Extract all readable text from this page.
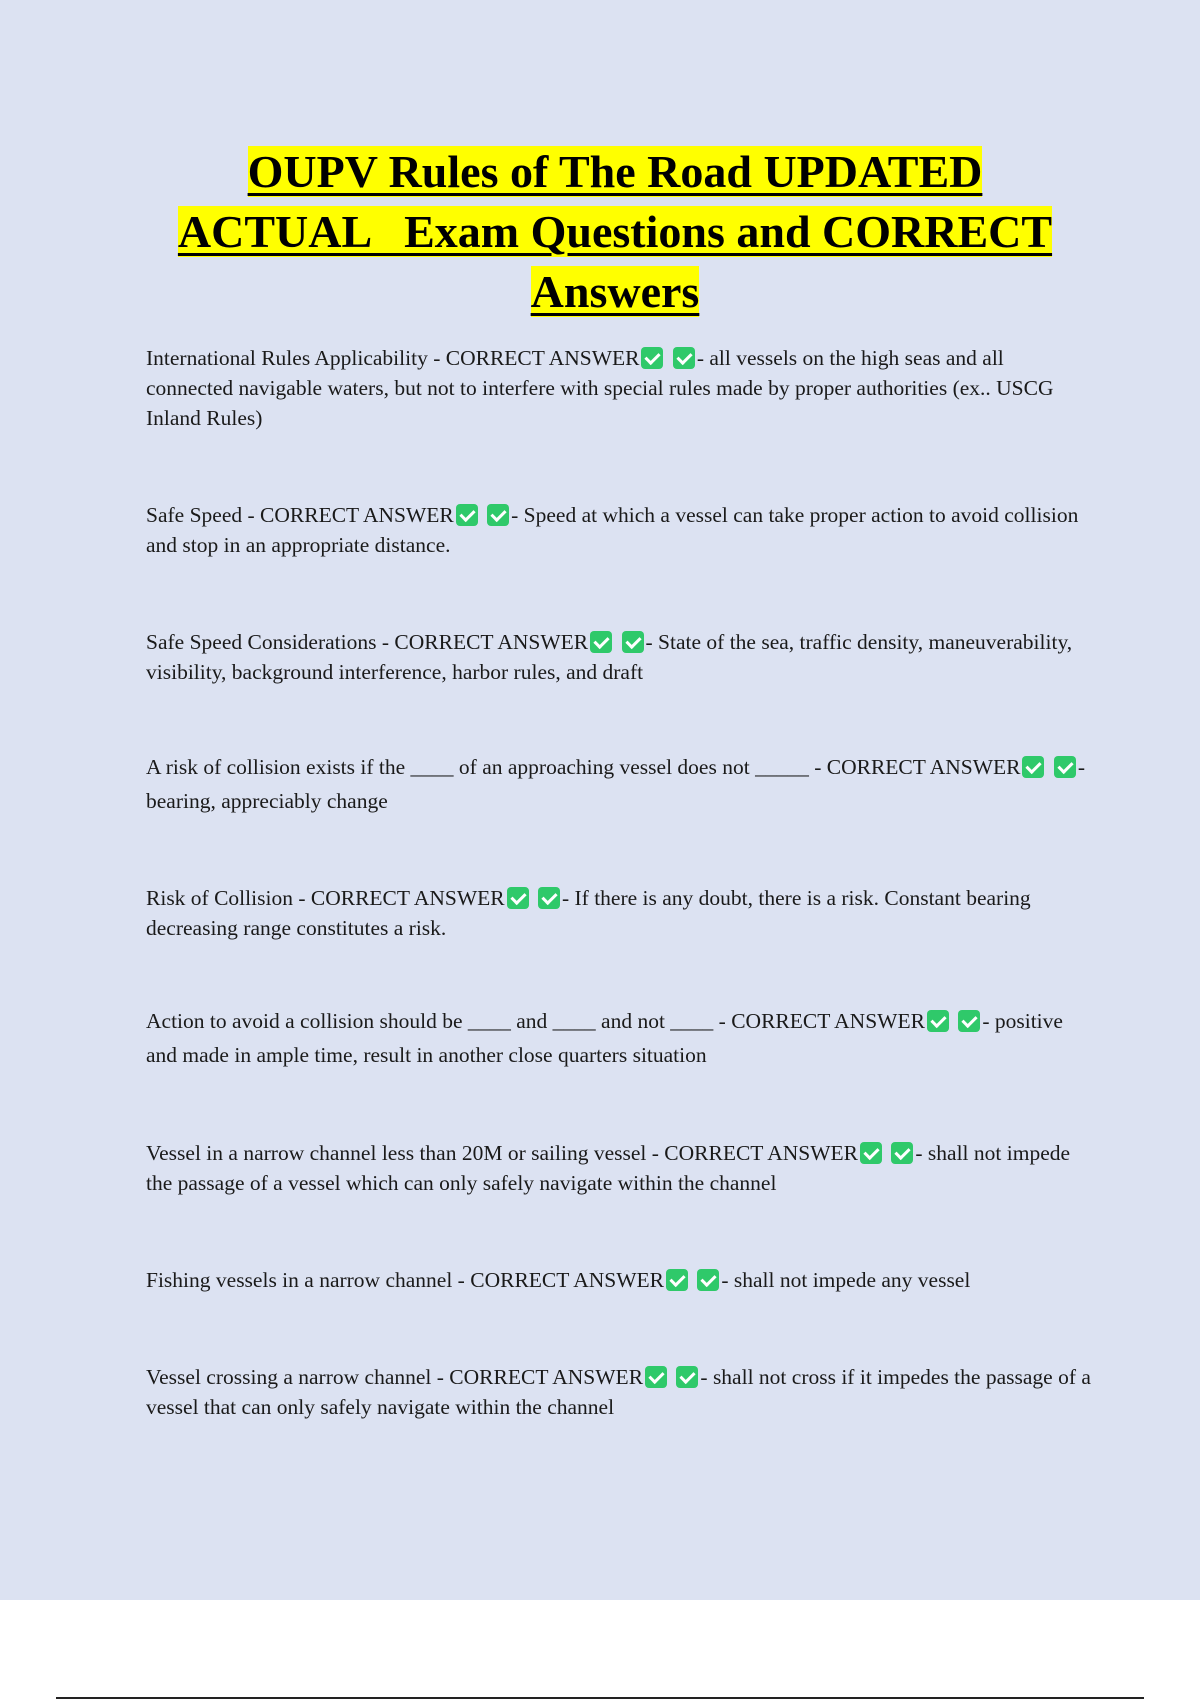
OUPV Rules of The Road UPDATED
ACTUAL   Exam Questions and CORRECT
Answers

International Rules Applicability - CORRECT ANSWER	- all vessels on the high seas and all connected navigable waters, but not to interfere with special rules made by proper authorities (ex.. USCG Inland Rules)

Safe Speed - CORRECT ANSWER	- Speed at which a vessel can take proper action to avoid collision and stop in an appropriate distance.

Safe Speed Considerations - CORRECT ANSWER	- State of the sea, traffic density, maneuverability, visibility, background interference, harbor rules, and draft

A risk of collision exists if the ____ of an approaching vessel does not _____ - CORRECT ANSWER	- bearing, appreciably change

Risk of Collision - CORRECT ANSWER	- If there is any doubt, there is a risk. Constant bearing decreasing range constitutes a risk.

Action to avoid a collision should be ____ and ____ and not ____ - CORRECT ANSWER	- positive and made in ample time, result in another close quarters situation

Vessel in a narrow channel less than 20M or sailing vessel - CORRECT ANSWER	- shall not impede the passage of a vessel which can only safely navigate within the channel

Fishing vessels in a narrow channel - CORRECT ANSWER	- shall not impede any vessel

Vessel crossing a narrow channel - CORRECT ANSWER	- shall not cross if it impedes the passage of a vessel that can only safely navigate within the channel
